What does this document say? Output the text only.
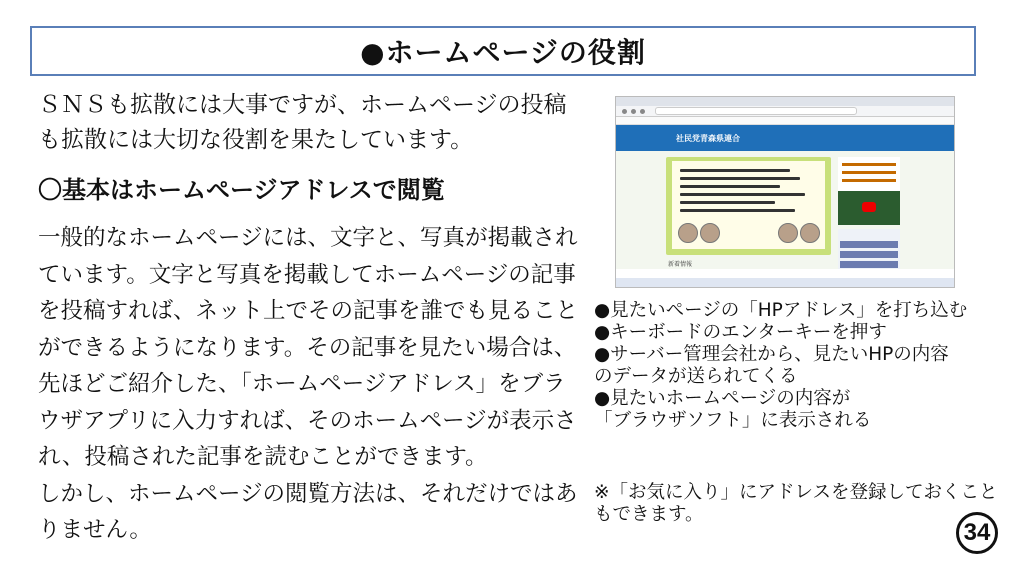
●ホームページの役割
ＳＮＳも拡散には大事ですが、ホームページの投稿も拡散には大切な役割を果たしています。
〇基本はホームページアドレスで閲覧
一般的なホームページには、文字と、写真が掲載されています。文字と写真を掲載してホームページの記事を投稿すれば、ネット上でその記事を誰でも見ることができるようになります。その記事を見たい場合は、先ほどご紹介した、「ホームページアドレス」をブラウザアプリに入力すれば、そのホームページが表示され、投稿された記事を読むことができます。
しかし、ホームページの閲覧方法は、それだけではありません。
社民党青森県連合
新着情報
●見たいページの「HPアドレス」を打ち込む
●キーボードのエンターキーを押す
●サーバー管理会社から、見たいHPの内容
のデータが送られてくる
●見たいホームページの内容が
「ブラウザソフト」に表示される
※「お気に入り」にアドレスを登録しておくこともできます。
34
